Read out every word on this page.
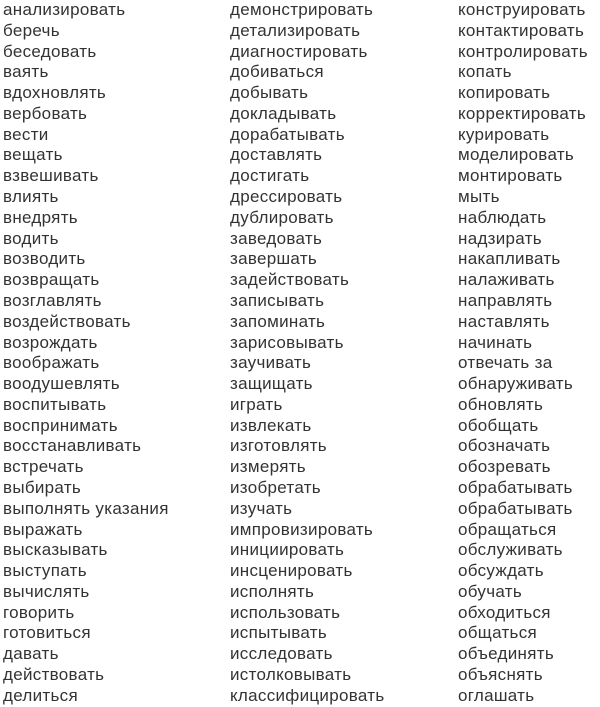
анализировать
беречь
беседовать
ваять
вдохновлять
вербовать
вести
вещать
взвешивать
влиять
внедрять
водить
возводить
возвращать
возглавлять
воздействовать
возрождать
воображать
воодушевлять
воспитывать
воспринимать
восстанавливать
встречать
выбирать
выполнять указания
выражать
высказывать
выступать
вычислять
говорить
готовиться
давать
действовать
делиться
демонстрировать
детализировать
диагностировать
добиваться
добывать
докладывать
дорабатывать
доставлять
достигать
дрессировать
дублировать
заведовать
завершать
задействовать
записывать
запоминать
зарисовывать
заучивать
защищать
играть
извлекать
изготовлять
измерять
изобретать
изучать
импровизировать
инициировать
инсценировать
исполнять
использовать
испытывать
исследовать
истолковывать
классифицировать
конструировать
контактировать
контролировать
копать
копировать
корректировать
курировать
моделировать
монтировать
мыть
наблюдать
надзирать
накапливать
налаживать
направлять
наставлять
начинать
отвечать за
обнаруживать
обновлять
обобщать
обозначать
обозревать
обрабатывать
обрабатывать
обращаться
обслуживать
обсуждать
обучать
обходиться
общаться
объединять
объяснять
оглашать
